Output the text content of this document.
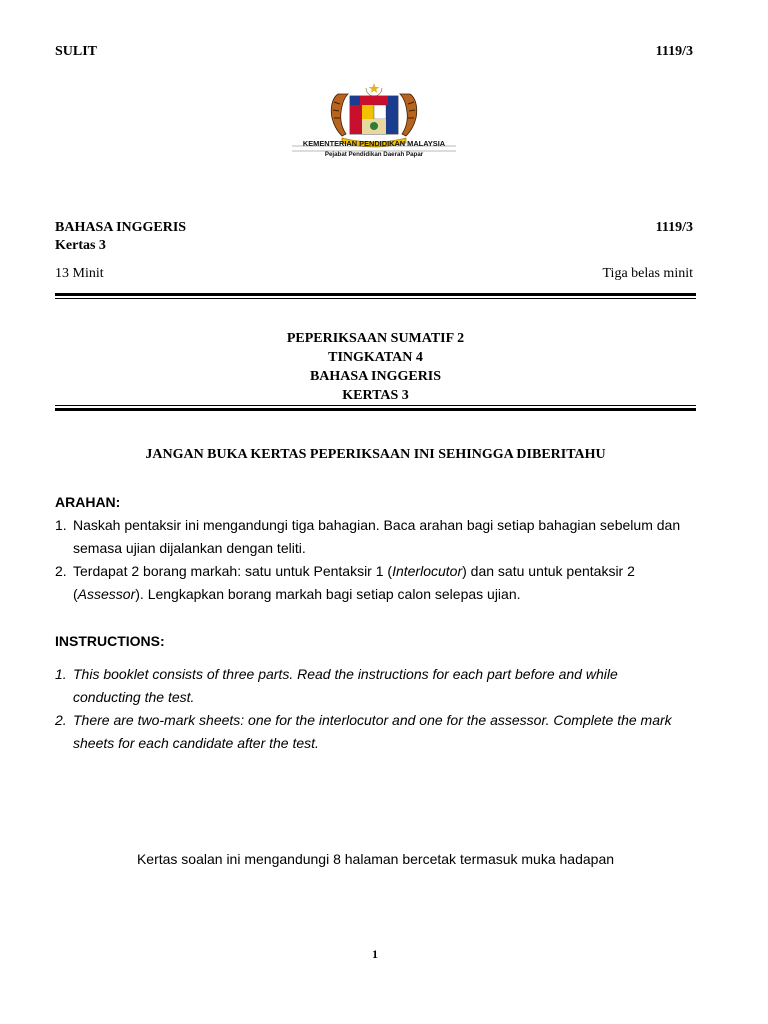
SULIT	1119/3
KEMENTERIAN PENDIDIKAN MALAYSIA
Pejabat Pendidikan Daerah Papar
BAHASA INGGERIS	1119/3
Kertas 3
13 Minit	Tiga belas minit
PEPERIKSAAN SUMATIF 2
TINGKATAN 4
BAHASA INGGERIS
KERTAS 3
JANGAN BUKA KERTAS PEPERIKSAAN INI SEHINGGA DIBERITAHU
ARAHAN:
1. Naskah pentaksir ini mengandungi tiga bahagian. Baca arahan bagi setiap bahagian sebelum dan
semasa ujian dijalankan dengan teliti.
2. Terdapat 2 borang markah: satu untuk Pentaksir 1 (Interlocutor) dan satu untuk pentaksir 2
(Assessor). Lengkapkan borang markah bagi setiap calon selepas ujian.
INSTRUCTIONS:
1. This booklet consists of three parts. Read the instructions for each part before and while
conducting the test.
2. There are two-mark sheets: one for the interlocutor and one for the assessor. Complete the mark
sheets for each candidate after the test.
Kertas soalan ini mengandungi 8 halaman bercetak termasuk muka hadapan
1
